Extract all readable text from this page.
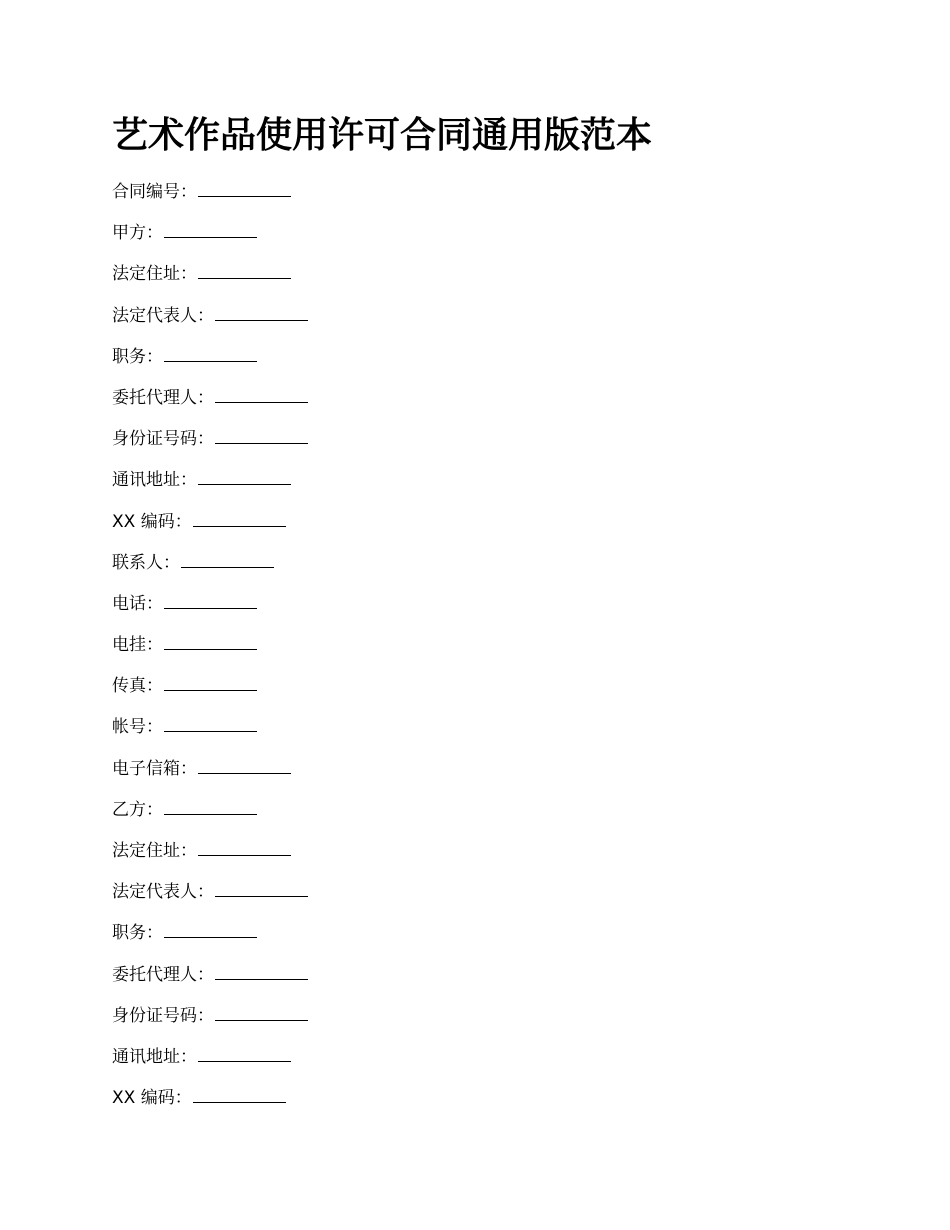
艺术作品使用许可合同通用版范本
合同编号：
甲方：
法定住址：
法定代表人：
职务：
委托代理人：
身份证号码：
通讯地址：
XX 编码：
联系人：
电话：
电挂：
传真：
帐号：
电子信箱：
乙方：
法定住址：
法定代表人：
职务：
委托代理人：
身份证号码：
通讯地址：
XX 编码：
